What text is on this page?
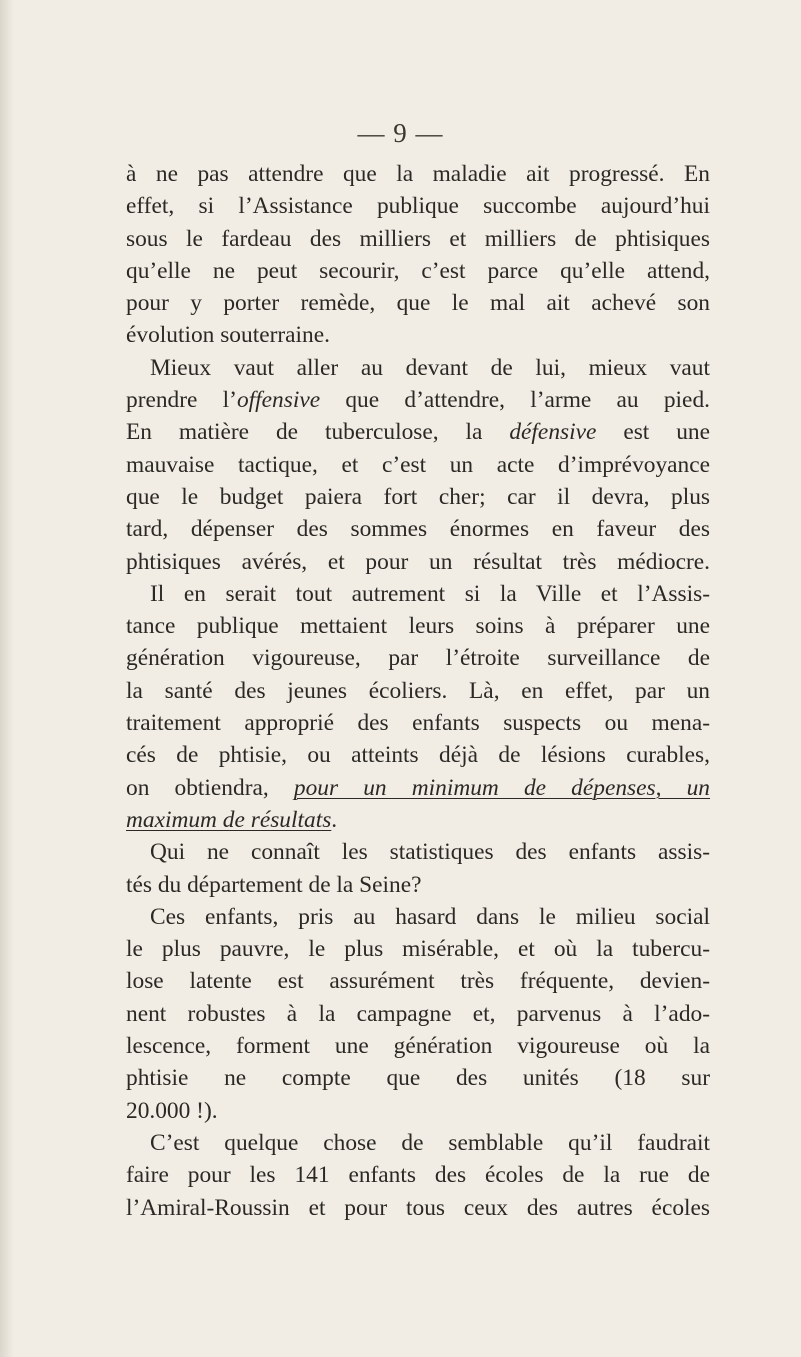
— 9 —
à ne pas attendre que la maladie ait progressé. En
effet, si l’Assistance publique succombe aujourd’hui
sous le fardeau des milliers et milliers de phtisiques
qu’elle ne peut secourir, c’est parce qu’elle attend,
pour y porter remède, que le mal ait achevé son
évolution souterraine.
Mieux vaut aller au devant de lui, mieux vaut
prendre l’offensive que d’attendre, l’arme au pied.
En matière de tuberculose, la défensive est une
mauvaise tactique, et c’est un acte d’imprévoyance
que le budget paiera fort cher; car il devra, plus
tard, dépenser des sommes énormes en faveur des
phtisiques avérés, et pour un résultat très médiocre.
Il en serait tout autrement si la Ville et l’Assis-
tance publique mettaient leurs soins à préparer une
génération vigoureuse, par l’étroite surveillance de
la santé des jeunes écoliers. Là, en effet, par un
traitement approprié des enfants suspects ou mena-
cés de phtisie, ou atteints déjà de lésions curables,
on obtiendra, pour un minimum de dépenses, un
maximum de résultats.
Qui ne connaît les statistiques des enfants assis-
tés du département de la Seine?
Ces enfants, pris au hasard dans le milieu social
le plus pauvre, le plus misérable, et où la tubercu-
lose latente est assurément très fréquente, devien-
nent robustes à la campagne et, parvenus à l’ado-
lescence, forment une génération vigoureuse où la
phtisie ne compte que des unités (18 sur
20.000 !).
C’est quelque chose de semblable qu’il faudrait
faire pour les 141 enfants des écoles de la rue de
l’Amiral-Roussin et pour tous ceux des autres écoles
